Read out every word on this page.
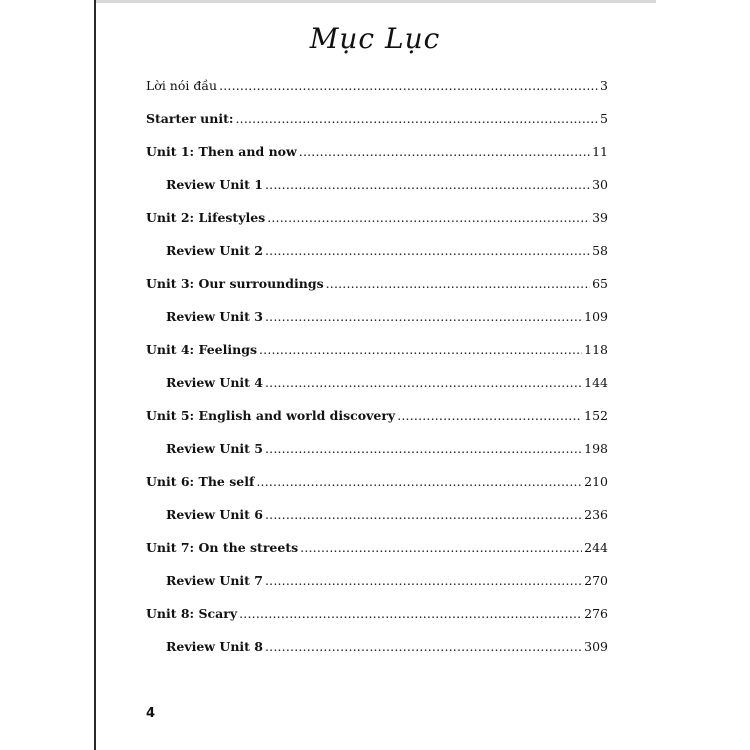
Mục Lục
Lời nói đầu .....	3
Starter unit: .....	5
Unit 1: Then and now .....	11
Review Unit 1 .....	30
Unit 2: Lifestyles .....	39
Review Unit 2 .....	58
Unit 3: Our surroundings .....	65
Review Unit 3 .....	109
Unit 4: Feelings .....	118
Review Unit 4 .....	144
Unit 5: English and world discovery .....	152
Review Unit 5 .....	198
Unit 6: The self .....	210
Review Unit 6 .....	236
Unit 7: On the streets .....	244
Review Unit 7 .....	270
Unit 8: Scary .....	276
Review Unit 8 .....	309
4
